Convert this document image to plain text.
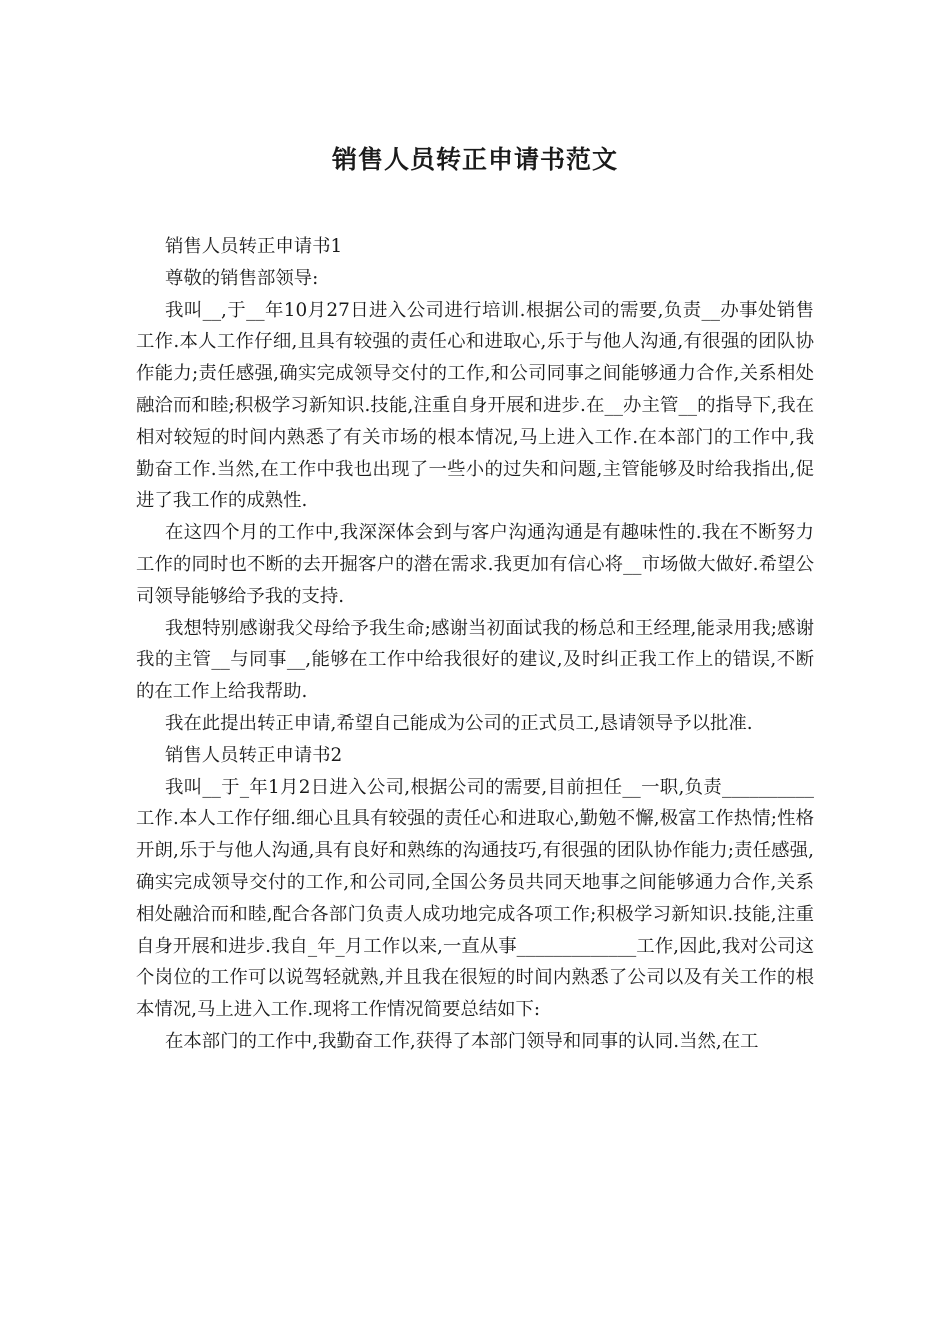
销售人员转正申请书范文

销售人员转正申请书1

尊敬的销售部领导:

我叫__,于__年10月27日进入公司进行培训.根据公司的需要,负责__办事处销售工作.本人工作仔细,且具有较强的责任心和进取心,乐于与他人沟通,有很强的团队协作能力;责任感强,确实完成领导交付的工作,和公司同事之间能够通力合作,关系相处融洽而和睦;积极学习新知识.技能,注重自身开展和进步.在__办主管__的指导下,我在相对较短的时间内熟悉了有关市场的根本情况,马上进入工作.在本部门的工作中,我勤奋工作.当然,在工作中我也出现了一些小的过失和问题,主管能够及时给我指出,促进了我工作的成熟性.

在这四个月的工作中,我深深体会到与客户沟通沟通是有趣味性的.我在不断努力工作的同时也不断的去开掘客户的潜在需求.我更加有信心将__市场做大做好.希望公司领导能够给予我的支持.

我想特别感谢我父母给予我生命;感谢当初面试我的杨总和王经理,能录用我;感谢我的主管__与同事__,能够在工作中给我很好的建议,及时纠正我工作上的错误,不断的在工作上给我帮助.

我在此提出转正申请,希望自己能成为公司的正式员工,恳请领导予以批准.

销售人员转正申请书2

我叫__于_年1月2日进入公司,根据公司的需要,目前担任__一职,负责__________工作.本人工作仔细.细心且具有较强的责任心和进取心,勤勉不懈,极富工作热情;性格开朗,乐于与他人沟通,具有良好和熟练的沟通技巧,有很强的团队协作能力;责任感强,确实完成领导交付的工作,和公司同,全国公务员共同天地事之间能够通力合作,关系相处融洽而和睦,配合各部门负责人成功地完成各项工作;积极学习新知识.技能,注重自身开展和进步.我自_年_月工作以来,一直从事_____________工作,因此,我对公司这个岗位的工作可以说驾轻就熟,并且我在很短的时间内熟悉了公司以及有关工作的根本情况,马上进入工作.现将工作情况简要总结如下:

在本部门的工作中,我勤奋工作,获得了本部门领导和同事的认同.当然,在工
